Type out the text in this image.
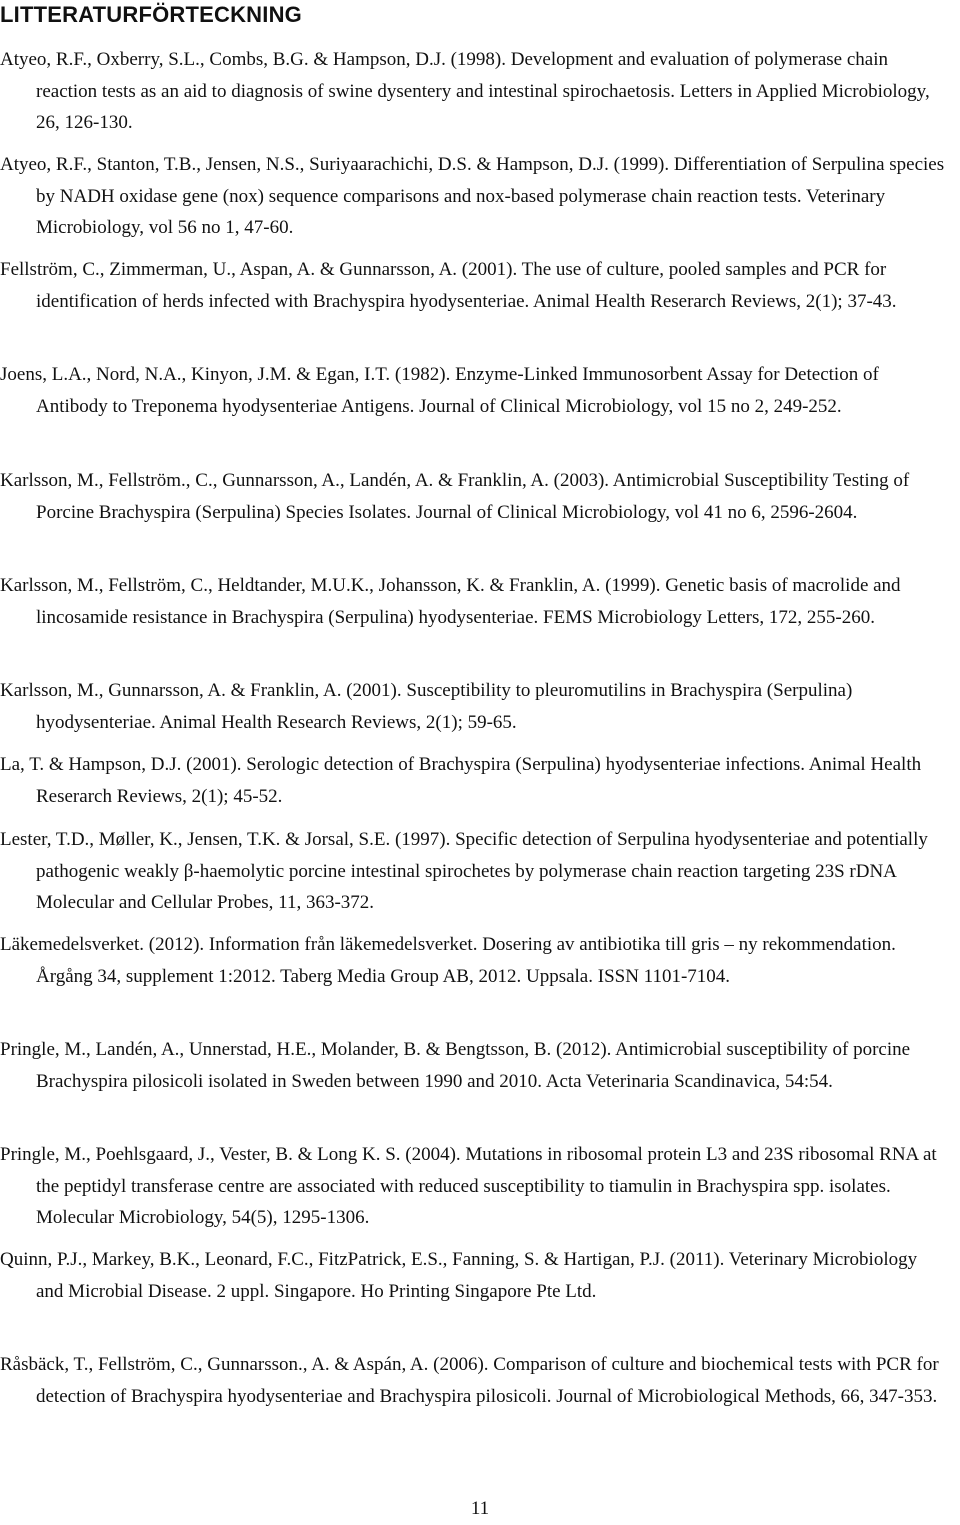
LITTERATURFÖRTECKNING

Atyeo, R.F., Oxberry, S.L., Combs, B.G. & Hampson, D.J. (1998). Development and evaluation of polymerase chain reaction tests as an aid to diagnosis of swine dysentery and intestinal spirochaetosis. Letters in Applied Microbiology, 26, 126-130.

Atyeo, R.F., Stanton, T.B., Jensen, N.S., Suriyaarachichi, D.S. & Hampson, D.J. (1999). Differentiation of Serpulina species by NADH oxidase gene (nox) sequence comparisons and nox-based polymerase chain reaction tests. Veterinary Microbiology, vol 56 no 1, 47-60.

Fellström, C., Zimmerman, U., Aspan, A. & Gunnarsson, A. (2001). The use of culture, pooled samples and PCR for identification of herds infected with Brachyspira hyodysenteriae. Animal Health Reserarch Reviews, 2(1); 37-43.

Joens, L.A., Nord, N.A., Kinyon, J.M. & Egan, I.T. (1982). Enzyme-Linked Immunosorbent Assay for Detection of Antibody to Treponema hyodysenteriae Antigens. Journal of Clinical Microbiology, vol 15 no 2, 249-252.

Karlsson, M., Fellström., C., Gunnarsson, A., Landén, A. & Franklin, A. (2003). Antimicrobial Susceptibility Testing of Porcine Brachyspira (Serpulina) Species Isolates. Journal of Clinical Microbiology, vol 41 no 6, 2596-2604.

Karlsson, M., Fellström, C., Heldtander, M.U.K., Johansson, K. & Franklin, A. (1999). Genetic basis of macrolide and lincosamide resistance in Brachyspira (Serpulina) hyodysenteriae. FEMS Microbiology Letters, 172, 255-260.

Karlsson, M., Gunnarsson, A. & Franklin, A. (2001). Susceptibility to pleuromutilins in Brachyspira (Serpulina) hyodysenteriae. Animal Health Research Reviews, 2(1); 59-65.

La, T. & Hampson, D.J. (2001). Serologic detection of Brachyspira (Serpulina) hyodysenteriae infections. Animal Health Reserarch Reviews, 2(1); 45-52.

Lester, T.D., Møller, K., Jensen, T.K. & Jorsal, S.E. (1997). Specific detection of Serpulina hyodysenteriae and potentially pathogenic weakly β-haemolytic porcine intestinal spirochetes by polymerase chain reaction targeting 23S rDNA Molecular and Cellular Probes, 11, 363-372.

Läkemedelsverket. (2012). Information från läkemedelsverket. Dosering av antibiotika till gris – ny rekommendation. Årgång 34, supplement 1:2012. Taberg Media Group AB, 2012. Uppsala. ISSN 1101-7104.

Pringle, M., Landén, A., Unnerstad, H.E., Molander, B. & Bengtsson, B. (2012). Antimicrobial susceptibility of porcine Brachyspira pilosicoli isolated in Sweden between 1990 and 2010. Acta Veterinaria Scandinavica, 54:54.

Pringle, M., Poehlsgaard, J., Vester, B. & Long K. S. (2004). Mutations in ribosomal protein L3 and 23S ribosomal RNA at the peptidyl transferase centre are associated with reduced susceptibility to tiamulin in Brachyspira spp. isolates. Molecular Microbiology, 54(5), 1295-1306.

Quinn, P.J., Markey, B.K., Leonard, F.C., FitzPatrick, E.S., Fanning, S. & Hartigan, P.J. (2011). Veterinary Microbiology and Microbial Disease. 2 uppl. Singapore. Ho Printing Singapore Pte Ltd.

Råsbäck, T., Fellström, C., Gunnarsson., A. & Aspán, A. (2006). Comparison of culture and biochemical tests with PCR for detection of Brachyspira hyodysenteriae and Brachyspira pilosicoli. Journal of Microbiological Methods, 66, 347-353.

11
